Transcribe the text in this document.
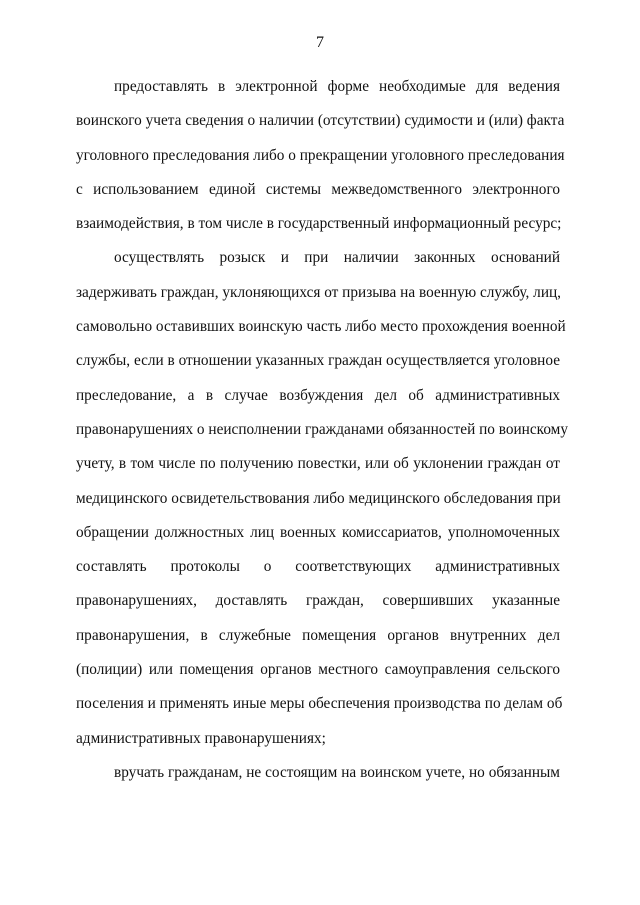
7
предоставлять в электронной форме необходимые для ведения
воинского учета сведения о наличии (отсутствии) судимости и (или) факта
уголовного преследования либо о прекращении уголовного преследования
с использованием единой системы межведомственного электронного
взаимодействия, в том числе в государственный информационный ресурс;
осуществлять розыск и при наличии законных оснований
задерживать граждан, уклоняющихся от призыва на военную службу, лиц,
самовольно оставивших воинскую часть либо место прохождения военной
службы, если в отношении указанных граждан осуществляется уголовное
преследование, а в случае возбуждения дел об административных
правонарушениях о неисполнении гражданами обязанностей по воинскому
учету, в том числе по получению повестки, или об уклонении граждан от
медицинского освидетельствования либо медицинского обследования при
обращении должностных лиц военных комиссариатов, уполномоченных
составлять протоколы о соответствующих административных
правонарушениях, доставлять граждан, совершивших указанные
правонарушения, в служебные помещения органов внутренних дел
(полиции) или помещения органов местного самоуправления сельского
поселения и применять иные меры обеспечения производства по делам об
административных правонарушениях;
вручать гражданам, не состоящим на воинском учете, но обязанным
